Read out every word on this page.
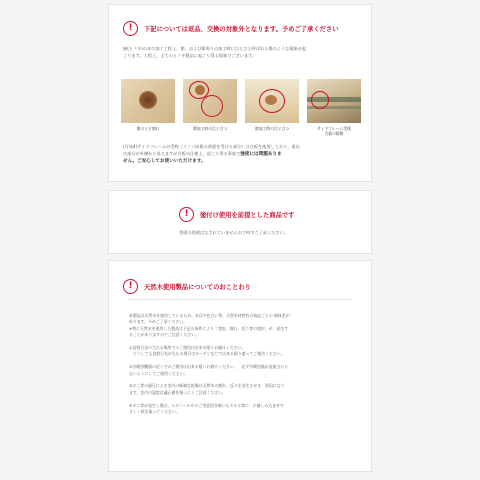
!	下記については返品、交換の対象外となります。予めご了承ください
檜(ヒノキ)の木の加工工程上、節、および節周りの加工時に目とびと呼ばれる傷のような現象が起
こります。工程上、全てのヒノキ製品に起こり得る現象でございます。
節のヒビ割れ	節加工時の目とび 1	節加工時の目とび 2	サイドフレーム受桟
合板の隙間
(写真4)サイドフレームの受桟（スノコ床板の荷重を受ける部分）は合板を使用しており、重ね
の部分が外側から見えますが合板の仕様上、起こり得る事象で強度には問題ありま
せん。ご安心してお使いいただけます。
!	塗付け使用を前提とした商品です
背面の処理はなされていませんので何卒ご了承ください。
!	天然木使用製品についてのおことわり
本製品は天然木を使用しているため、木目や色合い等、天然木材特有の商品ごとの 個体差が
あります。予めご了承ください。
※特に天然木を使用した製品は下記の条件により「変色、割れ、反り等の変形」が　発生す
ることがありますのでご注意ください。

①直射日光の当たる場所でのご使用は出来る限りお避けください。
　どうしても直射日光が当たる場合はカーテンなどで出来る限り遮ってご使用ください。

②冷暖房機器の近くでのご使用は出来る限りお避けください。　必ず冷暖房風が直接当たら
ないようにしてご使用ください。

③ホこ等の風圧による室内の極端な乾燥は天然木の割れ、反りを発生させる　原因になり
ます。室内の湿度は適正値を保つようご注意ください。

④ヤニ等が発生し場合、エタノールやのご用意頂き硬いたタオル等に　少量しみ込ませや
さしく拭き取ってください。
